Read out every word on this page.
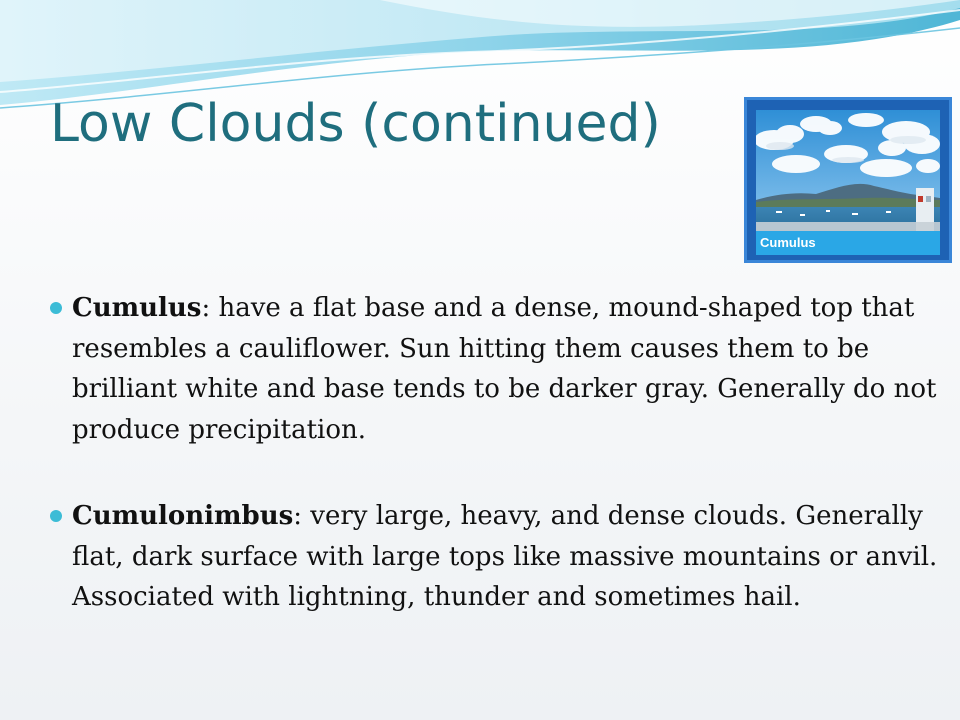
Low Clouds (continued)
Cumulus
Cumulus: have a flat base and a dense, mound-shaped top that resembles a cauliflower. Sun hitting them causes them to be brilliant white and base tends to be darker gray. Generally do not produce precipitation.
Cumulonimbus: very large, heavy, and dense clouds. Generally flat, dark surface with large tops like massive mountains or anvil. Associated with lightning, thunder and sometimes hail.
